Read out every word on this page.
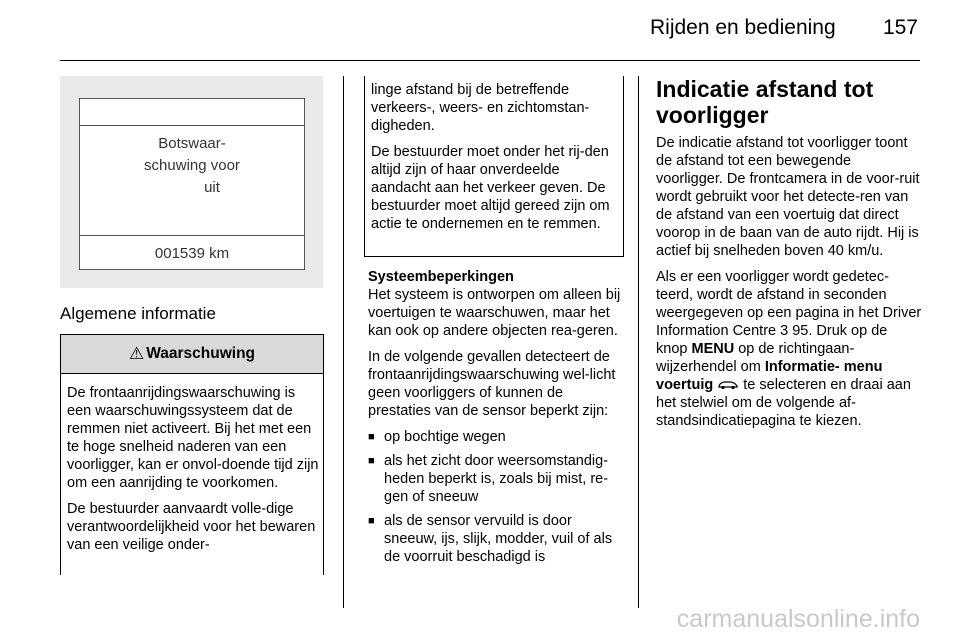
Rijden en bediening 157
Botswaar-
schuwing voor
uit
001539 km
Algemene informatie
⚠ Waarschuwing

De frontaanrijdingswaarschuwing is een waarschuwingssysteem dat de remmen niet activeert. Bij het met een te hoge snelheid naderen van een voorligger, kan er onvol-doende tijd zijn om een aanrijding te voorkomen.

De bestuurder aanvaardt volle-dige verantwoordelijkheid voor het bewaren van een veilige onder-

linge afstand bij de betreffende verkeers-, weers- en zichtomstan-digheden.

De bestuurder moet onder het rij-den altijd zijn of haar onverdeelde aandacht aan het verkeer geven. De bestuurder moet altijd gereed zijn om actie te ondernemen en te remmen.

Systeembeperkingen

Het systeem is ontworpen om alleen bij voertuigen te waarschuwen, maar het kan ook op andere objecten rea-geren.

In de volgende gevallen detecteert de frontaanrijdingswaarschuwing wel-licht geen voorliggers of kunnen de prestaties van de sensor beperkt zijn:

■ op bochtige wegen
■ als het zicht door weersomstandig-heden beperkt is, zoals bij mist, re-gen of sneeuw
■ als de sensor vervuild is door sneeuw, ijs, slijk, modder, vuil of als de voorruit beschadigd is
Indicatie afstand tot voorligger

De indicatie afstand tot voorligger toont de afstand tot een bewegende voorligger. De frontcamera in de voor-ruit wordt gebruikt voor het detecte-ren van de afstand van een voertuig dat direct voorop in de baan van de auto rijdt. Hij is actief bij snelheden boven 40 km/u.

Als er een voorligger wordt gedetec-teerd, wordt de afstand in seconden weergegeven op een pagina in het Driver Information Centre 3 95. Druk op de knop MENU op de richtingaan-wijzerhendel om Informatie- menu voertuig  te selecteren en draai aan het stelwiel om de volgende af-standsindicatiepagina te kiezen.

carmanualsonline.info
